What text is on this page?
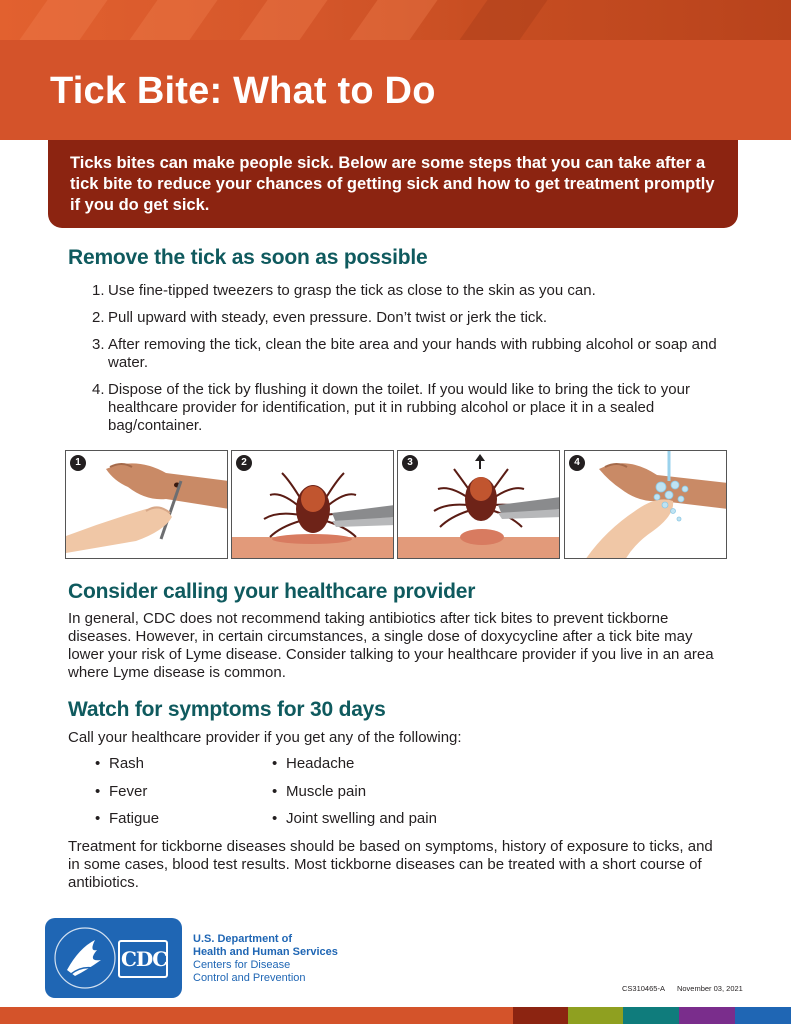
Tick Bite: What to Do

Ticks bites can make people sick. Below are some steps that you can take after a tick bite to reduce your chances of getting sick and how to get treatment promptly if you do get sick.

Remove the tick as soon as possible
1. Use fine-tipped tweezers to grasp the tick as close to the skin as you can.
2. Pull upward with steady, even pressure. Don’t twist or jerk the tick.
3. After removing the tick, clean the bite area and your hands with rubbing alcohol or soap and water.
4. Dispose of the tick by flushing it down the toilet. If you would like to bring the tick to your healthcare provider for identification, put it in rubbing alcohol or place it in a sealed bag/container.
1	2	3	4
Consider calling your healthcare provider

In general, CDC does not recommend taking antibiotics after tick bites to prevent tickborne diseases. However, in certain circumstances, a single dose of doxycycline after a tick bite may lower your risk of Lyme disease. Consider talking to your healthcare provider if you live in an area where Lyme disease is common.

Watch for symptoms for 30 days

Call your healthcare provider if you get any of the following:

• Rash
• Fever
• Fatigue
• Headache
• Muscle pain
• Joint swelling and pain

Treatment for tickborne diseases should be based on symptoms, history of exposure to ticks, and in some cases, blood test results. Most tickborne diseases can be treated with a short course of antibiotics.

CDC
U.S. Department of
Health and Human Services
Centers for Disease
Control and Prevention
CS310465-A November 03, 2021
